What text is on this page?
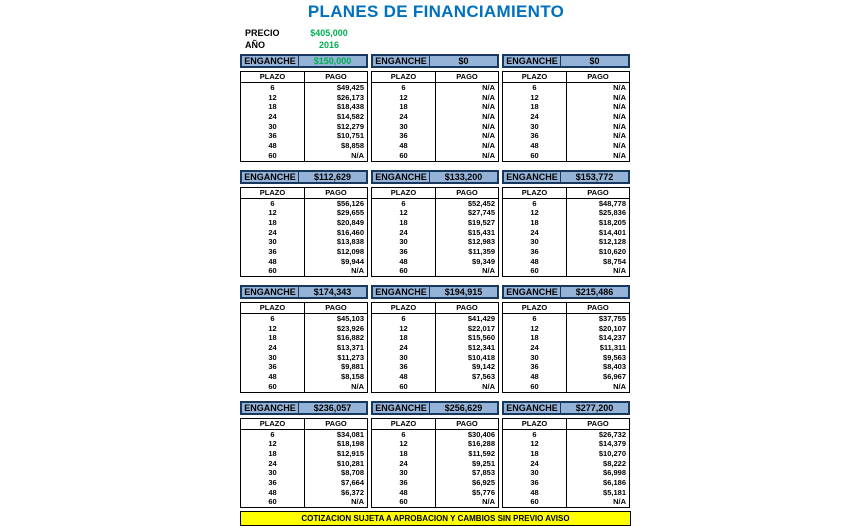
PLANES DE FINANCIAMIENTO
PRECIO	$405,000
AÑO	2016
ENGANCHE	$150,000
PLAZO	PAGO
6	$49,425
12	$26,173
18	$18,438
24	$14,582
30	$12,279
36	$10,751
48	$8,858
60	N/A
ENGANCHE	$0
PLAZO	PAGO
6	N/A
12	N/A
18	N/A
24	N/A
30	N/A
36	N/A
48	N/A
60	N/A
ENGANCHE	$0
PLAZO	PAGO
6	N/A
12	N/A
18	N/A
24	N/A
30	N/A
36	N/A
48	N/A
60	N/A
ENGANCHE	$112,629
PLAZO	PAGO
6	$56,126
12	$29,655
18	$20,849
24	$16,460
30	$13,838
36	$12,098
48	$9,944
60	N/A
ENGANCHE	$133,200
PLAZO	PAGO
6	$52,452
12	$27,745
18	$19,527
24	$15,431
30	$12,983
36	$11,359
48	$9,349
60	N/A
ENGANCHE	$153,772
PLAZO	PAGO
6	$48,778
12	$25,836
18	$18,205
24	$14,401
30	$12,128
36	$10,620
48	$8,754
60	N/A
ENGANCHE	$174,343
PLAZO	PAGO
6	$45,103
12	$23,926
18	$16,882
24	$13,371
30	$11,273
36	$9,881
48	$8,158
60	N/A
ENGANCHE	$194,915
PLAZO	PAGO
6	$41,429
12	$22,017
18	$15,560
24	$12,341
30	$10,418
36	$9,142
48	$7,563
60	N/A
ENGANCHE	$215,486
PLAZO	PAGO
6	$37,755
12	$20,107
18	$14,237
24	$11,311
30	$9,563
36	$8,403
48	$6,967
60	N/A
ENGANCHE	$236,057
PLAZO	PAGO
6	$34,081
12	$18,198
18	$12,915
24	$10,281
30	$8,708
36	$7,664
48	$6,372
60	N/A
ENGANCHE	$256,629
PLAZO	PAGO
6	$30,406
12	$16,288
18	$11,592
24	$9,251
30	$7,853
36	$6,925
48	$5,776
60	N/A
ENGANCHE	$277,200
PLAZO	PAGO
6	$26,732
12	$14,379
18	$10,270
24	$8,222
30	$6,998
36	$6,186
48	$5,181
60	N/A
COTIZACION SUJETA A APROBACION Y CAMBIOS SIN PREVIO AVISO
